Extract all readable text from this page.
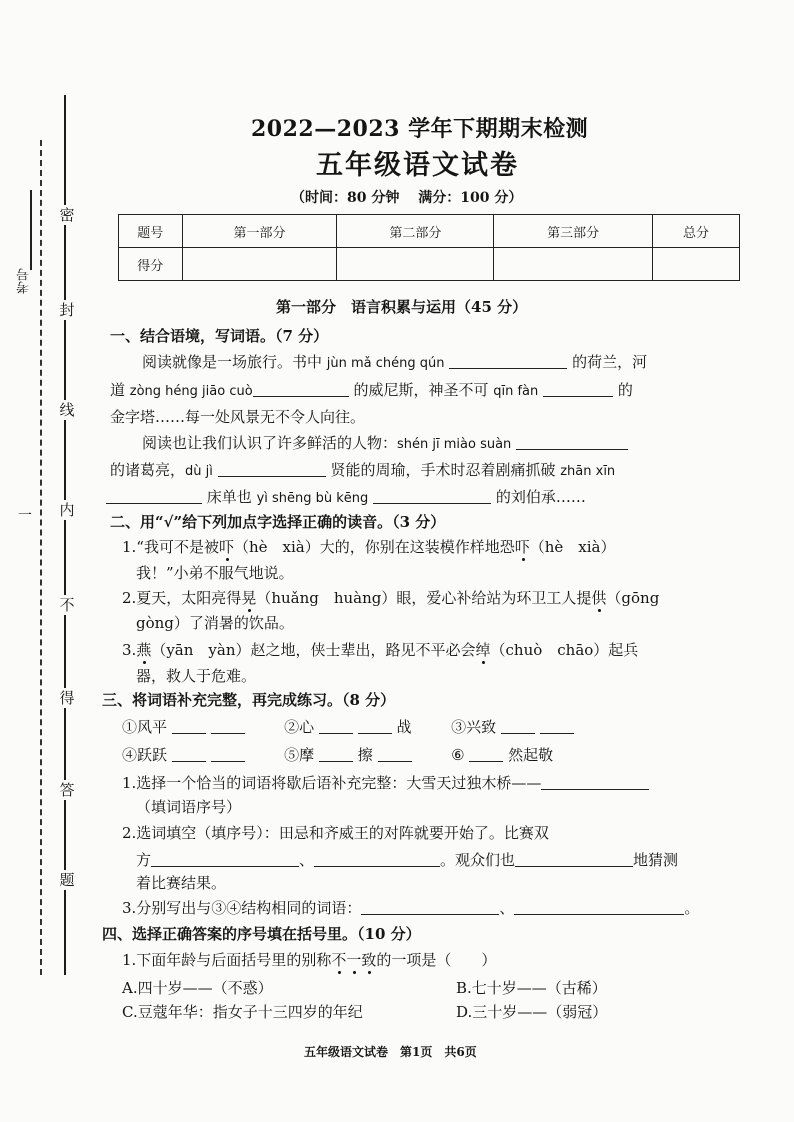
考号
一
密
封
线
内
不
得
答
题
2022—2023 学年下期期末检测
五年级语文试卷
（时间：80 分钟　 满分：100 分）
题号	第一部分	第二部分	第三部分	总分
得分				
第一部分　语言积累与运用（45 分）
一、结合语境，写词语。（7 分）
阅读就像是一场旅行。书中 jùn mǎ chéng qún	的荷兰，河
道 zòng héng jiāo cuò	的威尼斯，神圣不可 qīn fàn	的
金字塔……每一处风景无不令人向往。
阅读也让我们认识了许多鲜活的人物：shén jī miào suàn
的诸葛亮，dù jì	贤能的周瑜，手术时忍着剧痛抓破 zhān xīn
床单也 yì shēng bù kēng	的刘伯承……
二、用“√”给下列加点字选择正确的读音。（3 分）
1.“我可不是被吓（hè　xià）大的，你别在这装模作样地恐吓（hè　xià）
我！”小弟不服气地说。
2.夏天，太阳亮得晃（huǎng　huàng）眼，爱心补给站为环卫工人提供（gōng
gòng）了消暑的饮品。
3.燕（yān　yàn）赵之地，侠士辈出，路见不平必会绰（chuò　chāo）起兵
器，救人于危难。
三、将词语补充完整，再完成练习。（8 分）
①风平	②心	战	③兴致
④跃跃	⑤摩	擦	⑥	然起敬
1.选择一个恰当的词语将歇后语补充完整：大雪天过独木桥——
（填词语序号）
2.选词填空（填序号）：田忌和齐威王的对阵就要开始了。比赛双
方	、	。观众们也	地猜测
着比赛结果。
3.分别写出与③④结构相同的词语：	、	。
四、选择正确答案的序号填在括号里。（10 分）
1.下面年龄与后面括号里的别称不一致的一项是（　　）
A.四十岁——（不惑）	B.七十岁——（古稀）
C.豆蔻年华：指女子十三四岁的年纪	D.三十岁——（弱冠）
五年级语文试卷　第1页　共6页
